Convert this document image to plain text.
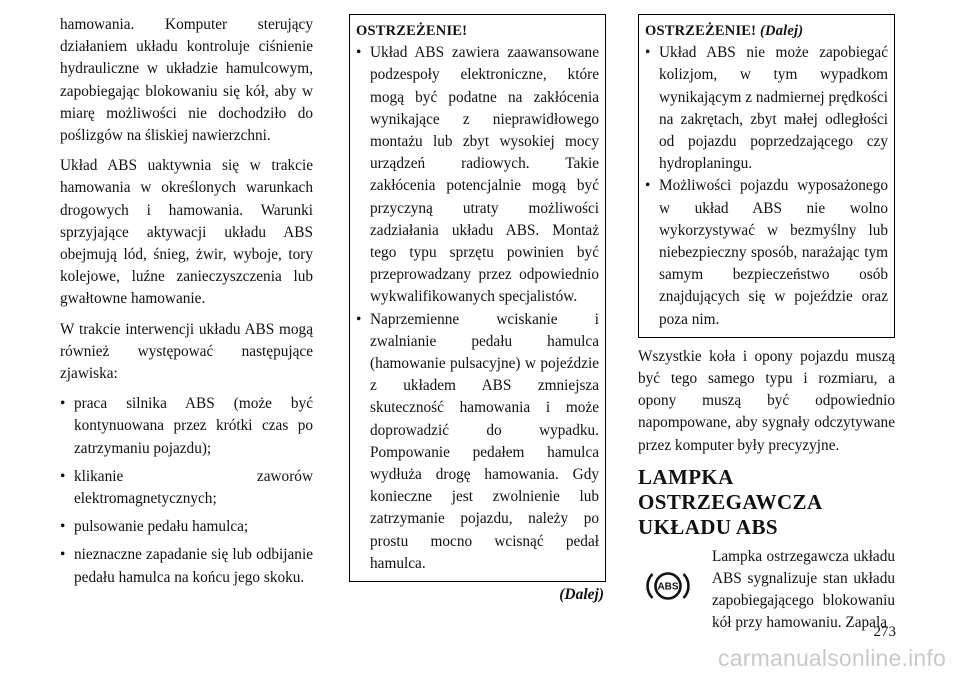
hamowania. Komputer sterujący działaniem układu kontroluje ciśnienie hydrauliczne w układzie hamulcowym, zapobiegając blokowaniu się kół, aby w miarę możliwości nie dochodziło do poślizgów na śliskiej nawierzchni.

Układ ABS uaktywnia się w trakcie hamowania w określonych warunkach drogowych i hamowania. Warunki sprzyjające aktywacji układu ABS obejmują lód, śnieg, żwir, wyboje, tory kolejowe, luźne zanieczyszczenia lub gwałtowne hamowanie.

W trakcie interwencji układu ABS mogą również występować następujące zjawiska:

• praca silnika ABS (może być kontynuowana przez krótki czas po zatrzymaniu pojazdu);
• klikanie zaworów elektromagnetycznych;
• pulsowanie pedału hamulca;
• nieznaczne zapadanie się lub odbijanie pedału hamulca na końcu jego skoku.
OSTRZEŻENIE!
• Układ ABS zawiera zaawansowane podzespoły elektroniczne, które mogą być podatne na zakłócenia wynikające z nieprawidłowego montażu lub zbyt wysokiej mocy urządzeń radiowych. Takie zakłócenia potencjalnie mogą być przyczyną utraty możliwości zadziałania układu ABS. Montaż tego typu sprzętu powinien być przeprowadzany przez odpowiednio wykwalifikowanych specjalistów.
• Naprzemienne wciskanie i zwalnianie pedału hamulca (hamowanie pulsacyjne) w pojeździe z układem ABS zmniejsza skuteczność hamowania i może doprowadzić do wypadku. Pompowanie pedałem hamulca wydłuża drogę hamowania. Gdy konieczne jest zwolnienie lub zatrzymanie pojazdu, należy po prostu mocno wcisnąć pedał hamulca.
(Dalej)
OSTRZEŻENIE! (Dalej)
• Układ ABS nie może zapobiegać kolizjom, w tym wypadkom wynikającym z nadmiernej prędkości na zakrętach, zbyt małej odległości od pojazdu poprzedzającego czy hydroplaningu.
• Możliwości pojazdu wyposażonego w układ ABS nie wolno wykorzystywać w bezmyślny lub niebezpieczny sposób, narażając tym samym bezpieczeństwo osób znajdujących się w pojeździe oraz poza nim.

Wszystkie koła i opony pojazdu muszą być tego samego typu i rozmiaru, a opony muszą być odpowiednio napompowane, aby sygnały odczytywane przez komputer były precyzyjne.

LAMPKA
OSTRZEGAWCZA
UKŁADU ABS
ABS
Lampka ostrzegawcza układu ABS sygnalizuje stan układu zapobiegającego blokowaniu kół przy hamowaniu. Zapala
273
carmanualsonline.info
